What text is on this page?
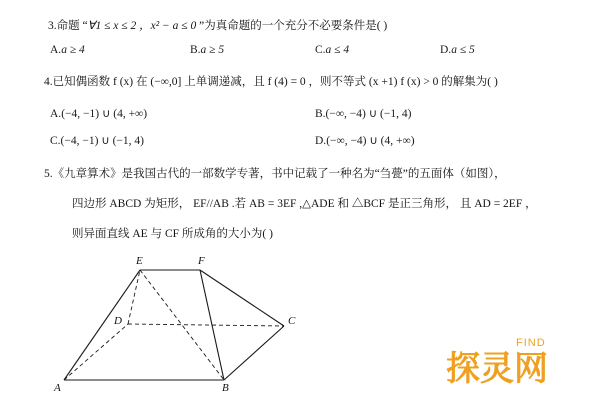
3.命题 “∀1 ≤ x ≤ 2 ，x² − a ≤ 0 ”为真命题的一个充分不必要条件是( )
A.a ≥ 4	B.a ≥ 5	C.a ≤ 4	D.a ≤ 5
4.已知偶函数 f (x) 在 (−∞,0] 上单调递减，且 f (4) = 0 ，则不等式 (x +1) f (x) > 0 的解集为( )
A.(−4, −1) ∪ (4, +∞)	B.(−∞, −4) ∪ (−1, 4)
C.(−4, −1) ∪ (−1, 4)	D.(−∞, −4) ∪ (4, +∞)
5.《九章算术》是我国古代的一部数学专著，书中记载了一种名为“刍甍”的五面体（如图），
四边形 ABCD 为矩形， EF//AB .若 AB = 3EF ,△ADE 和 △BCF 是正三角形， 且 AD = 2EF ，
则异面直线 AE 与 CF 所成角的大小为( )
E	F
D	C
A	B
FIND
探灵网
